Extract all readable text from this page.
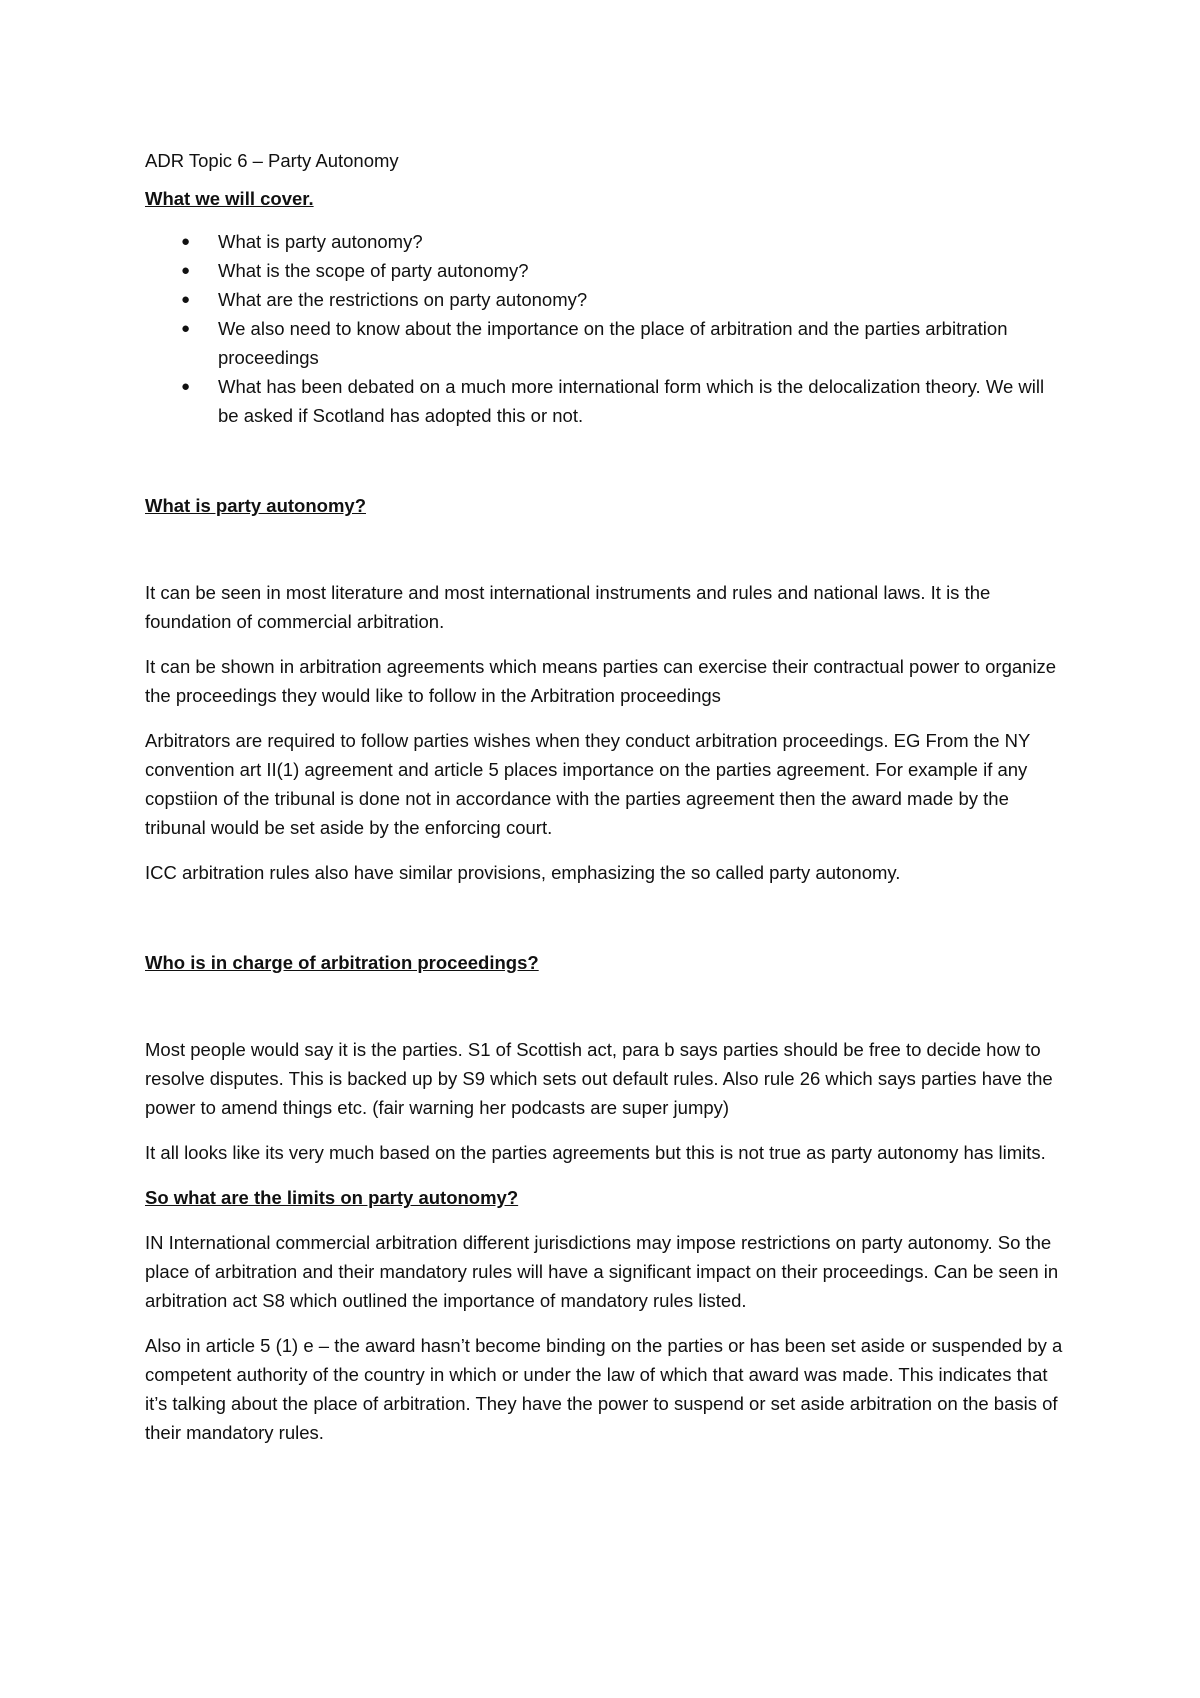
ADR Topic 6 – Party Autonomy

What we will cover.

● What is party autonomy?
● What is the scope of party autonomy?
● What are the restrictions on party autonomy?
● We also need to know about the importance on the place of arbitration and the parties arbitration proceedings
● What has been debated on a much more international form which is the delocalization theory. We will be asked if Scotland has adopted this or not.

What is party autonomy?

It can be seen in most literature and most international instruments and rules and national laws. It is the foundation of commercial arbitration.

It can be shown in arbitration agreements which means parties can exercise their contractual power to organize the proceedings they would like to follow in the Arbitration proceedings

Arbitrators are required to follow parties wishes when they conduct arbitration proceedings. EG From the NY convention art II(1) agreement and article 5 places importance on the parties agreement. For example if any copstiion of the tribunal is done not in accordance with the parties agreement then the award made by the tribunal would be set aside by the enforcing court.

ICC arbitration rules also have similar provisions, emphasizing the so called party autonomy.

Who is in charge of arbitration proceedings?

Most people would say it is the parties. S1 of Scottish act, para b says parties should be free to decide how to resolve disputes. This is backed up by S9 which sets out default rules. Also rule 26 which says parties have the power to amend things etc. (fair warning her podcasts are super jumpy)

It all looks like its very much based on the parties agreements but this is not true as party autonomy has limits.

So what are the limits on party autonomy?

IN International commercial arbitration different jurisdictions may impose restrictions on party autonomy. So the place of arbitration and their mandatory rules will have a significant impact on their proceedings. Can be seen in arbitration act S8 which outlined the importance of mandatory rules listed.

Also in article 5 (1) e – the award hasn’t become binding on the parties or has been set aside or suspended by a competent authority of the country in which or under the law of which that award was made. This indicates that it’s talking about the place of arbitration. They have the power to suspend or set aside arbitration on the basis of their mandatory rules.
